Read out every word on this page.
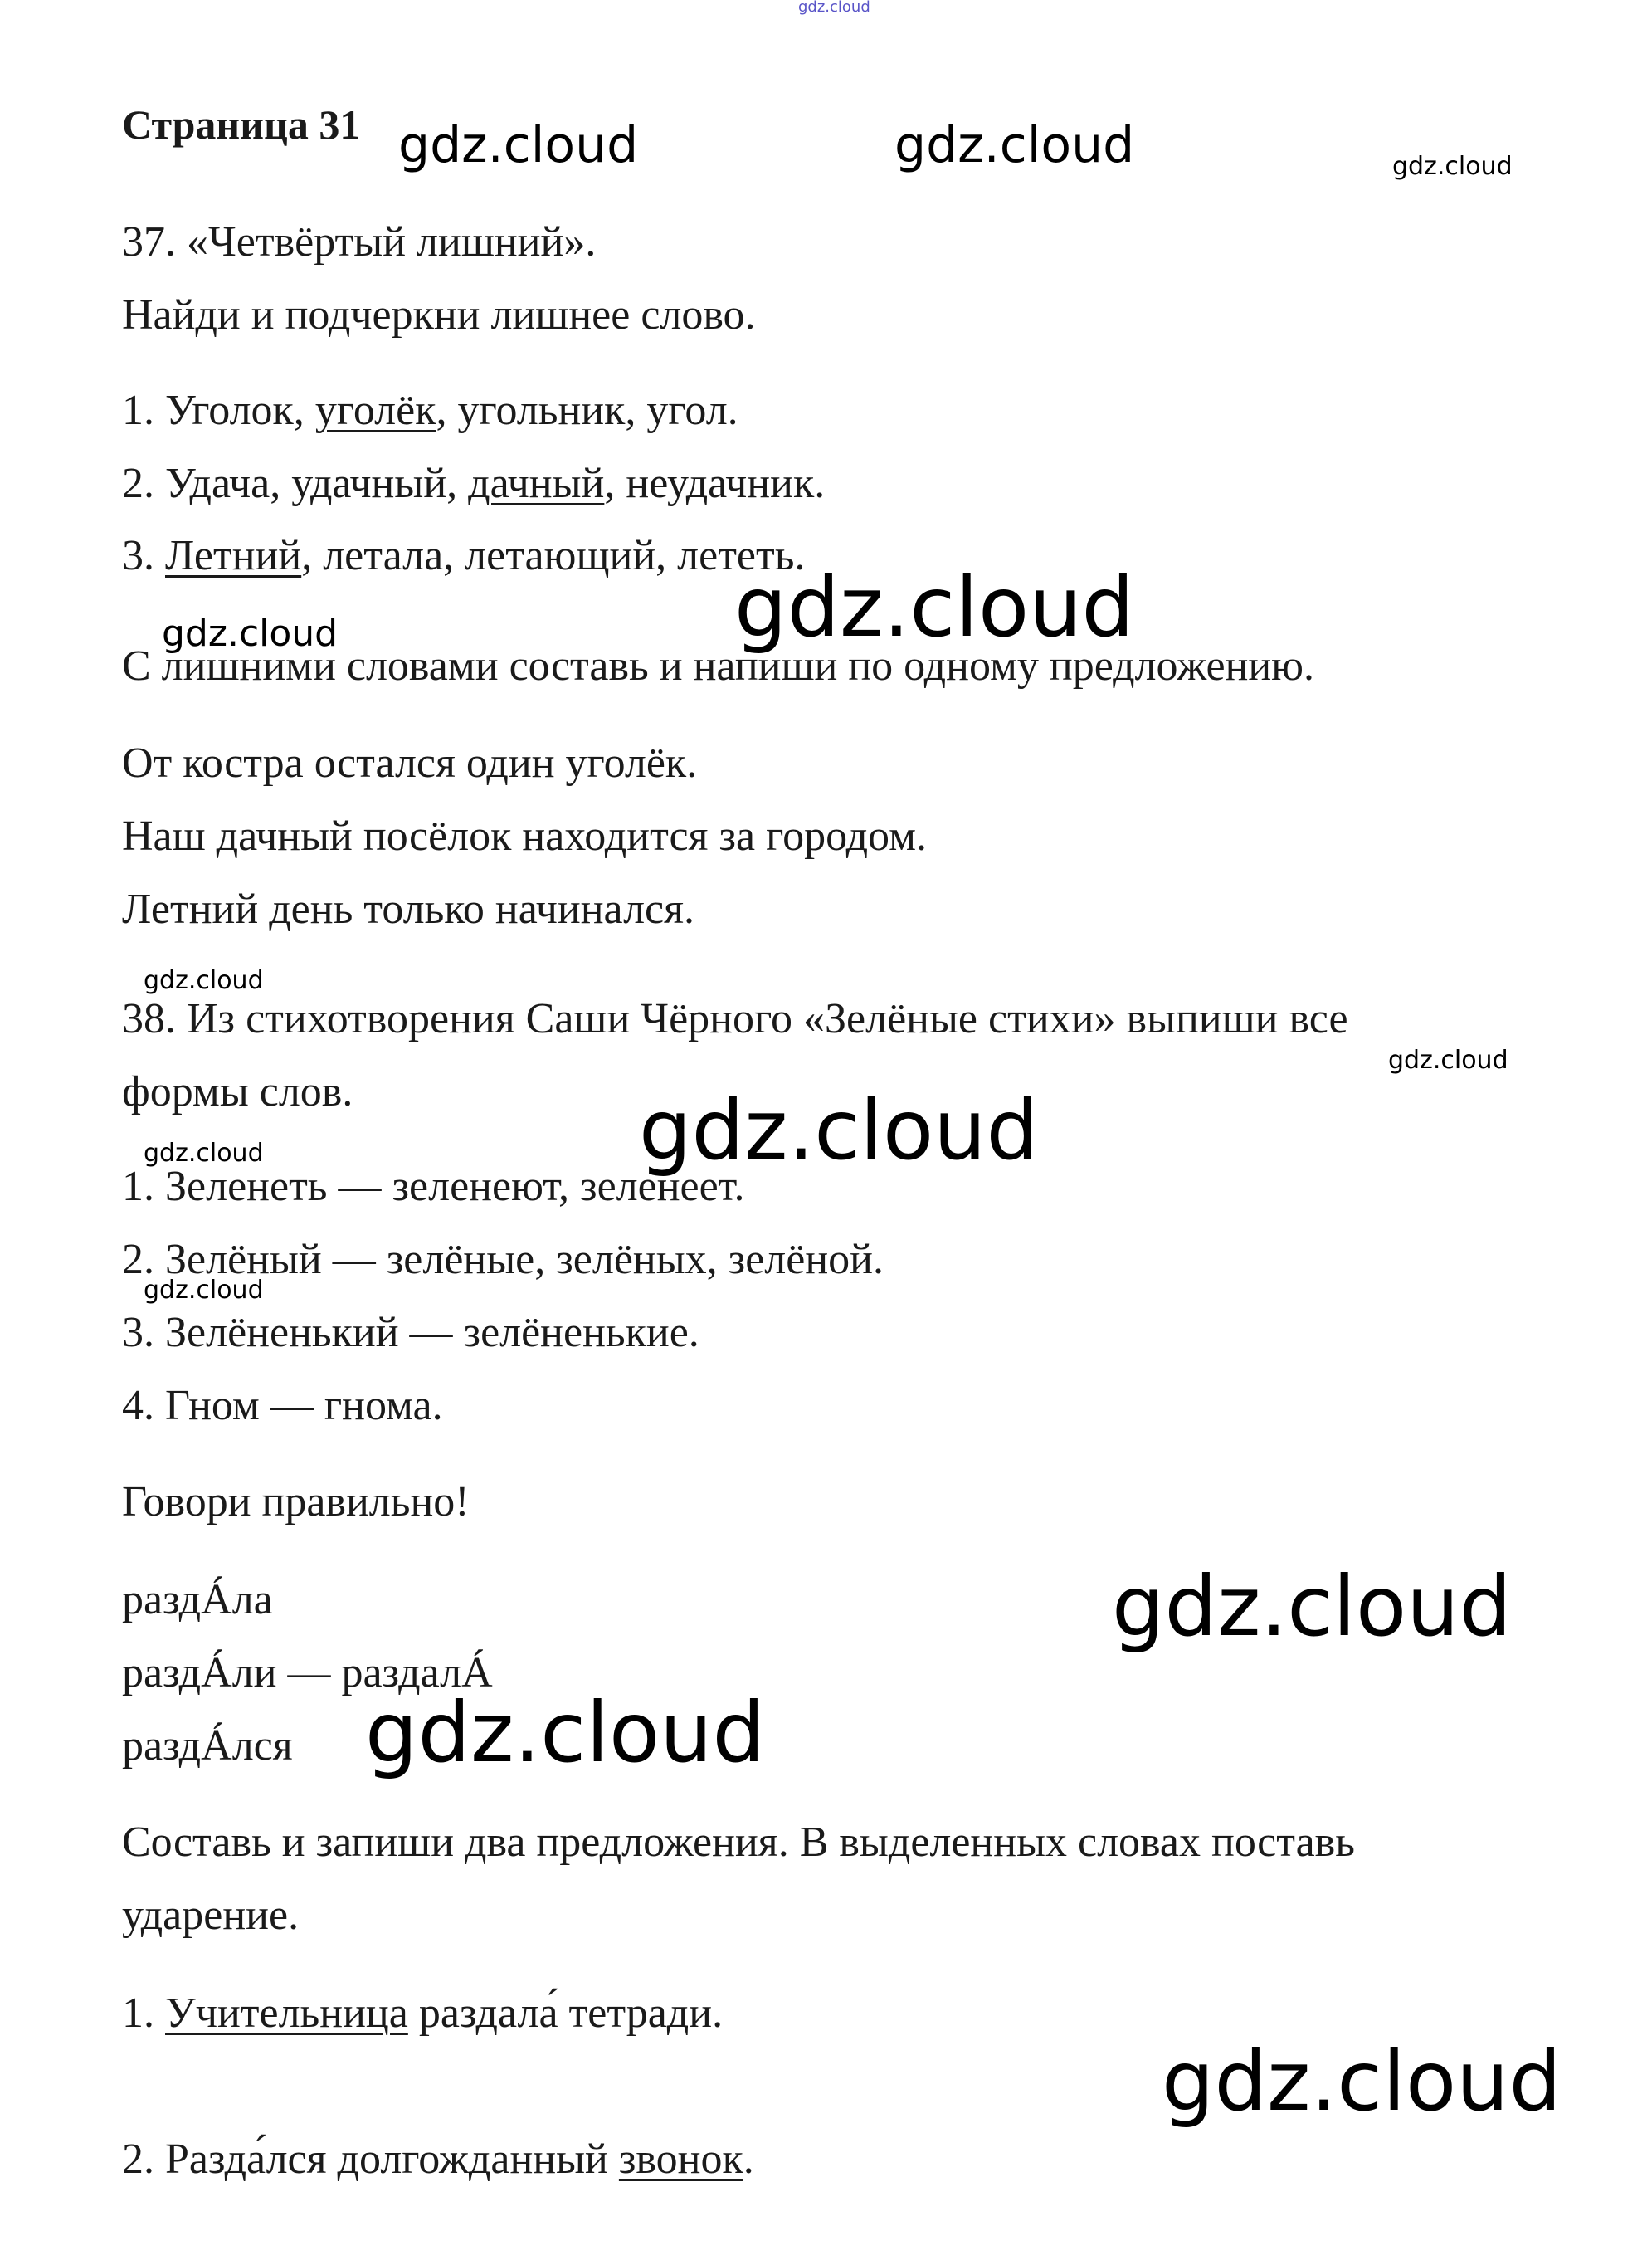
gdz.cloud
Страница 31
37. «Четвёртый лишний».
Найди и подчеркни лишнее слово.
1. Уголок, уголёк, угольник, угол.
2. Удача, удачный, дачный, неудачник.
3. Летний, летала, летающий, лететь.
С лишними словами составь и напиши по одному предложению.
От костра остался один уголёк.
Наш дачный посёлок находится за городом.
Летний день только начинался.
38. Из стихотворения Саши Чёрного «Зелёные стихи» выпиши все
формы слов.
1. Зеленеть — зеленеют, зеленеет.
2. Зелёный — зелёные, зелёных, зелёной.
3. Зелёненький — зелёненькие.
4. Гном — гнома.
Говори правильно!
раздÁла
раздÁли — раздалÁ
раздÁлся
Составь и запиши два предложения. В выделенных словах поставь
ударение.
1. Учительница раздала́ тетради.
2. Разда́лся долгожданный звонок.
gdz.cloud	gdz.cloud	gdz.cloud
gdz.cloud
gdz.cloud
gdz.cloud
gdz.cloud
gdz.cloud
gdz.cloud
gdz.cloud
gdz.cloud
gdz.cloud
gdz.cloud
